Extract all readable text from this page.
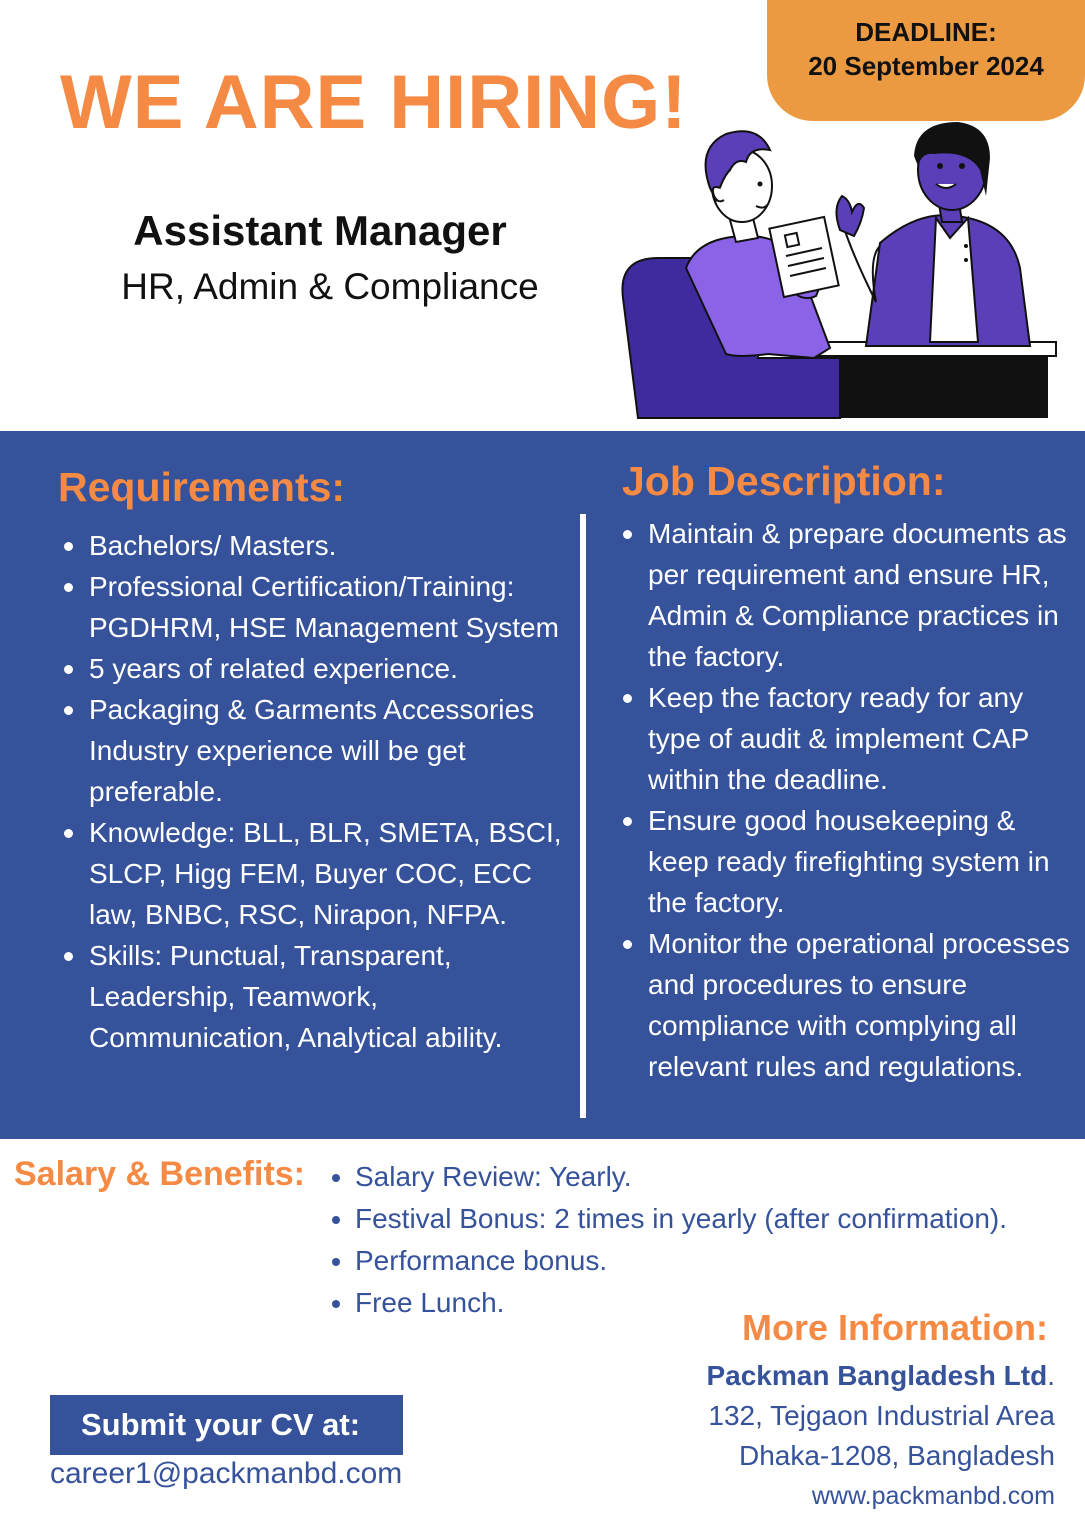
DEADLINE:
20 September 2024
WE ARE HIRING!
Assistant Manager
HR, Admin & Compliance
Requirements:
Bachelors/ Masters.
Professional Certification/Training: PGDHRM, HSE Management System
5 years of related experience.
Packaging & Garments Accessories Industry experience will be get preferable.
Knowledge: BLL, BLR, SMETA, BSCI, SLCP, Higg FEM, Buyer COC, ECC law, BNBC, RSC, Nirapon, NFPA.
Skills: Punctual, Transparent, Leadership, Teamwork, Communication, Analytical ability.
Job Description:
Maintain & prepare documents as per requirement and ensure HR, Admin & Compliance practices in the factory.
Keep the factory ready for any type of audit & implement CAP within the deadline.
Ensure good housekeeping & keep ready firefighting system in the factory.
Monitor the operational processes and procedures to ensure compliance with complying all relevant rules and regulations.
Salary & Benefits:	Salary Review: Yearly.
Festival Bonus: 2 times in yearly (after confirmation).
Performance bonus.
Free Lunch.
More Information:
Packman Bangladesh Ltd.
132, Tejgaon Industrial Area
Dhaka-1208, Bangladesh
www.packmanbd.com
Submit your CV at:
career1@packmanbd.com
